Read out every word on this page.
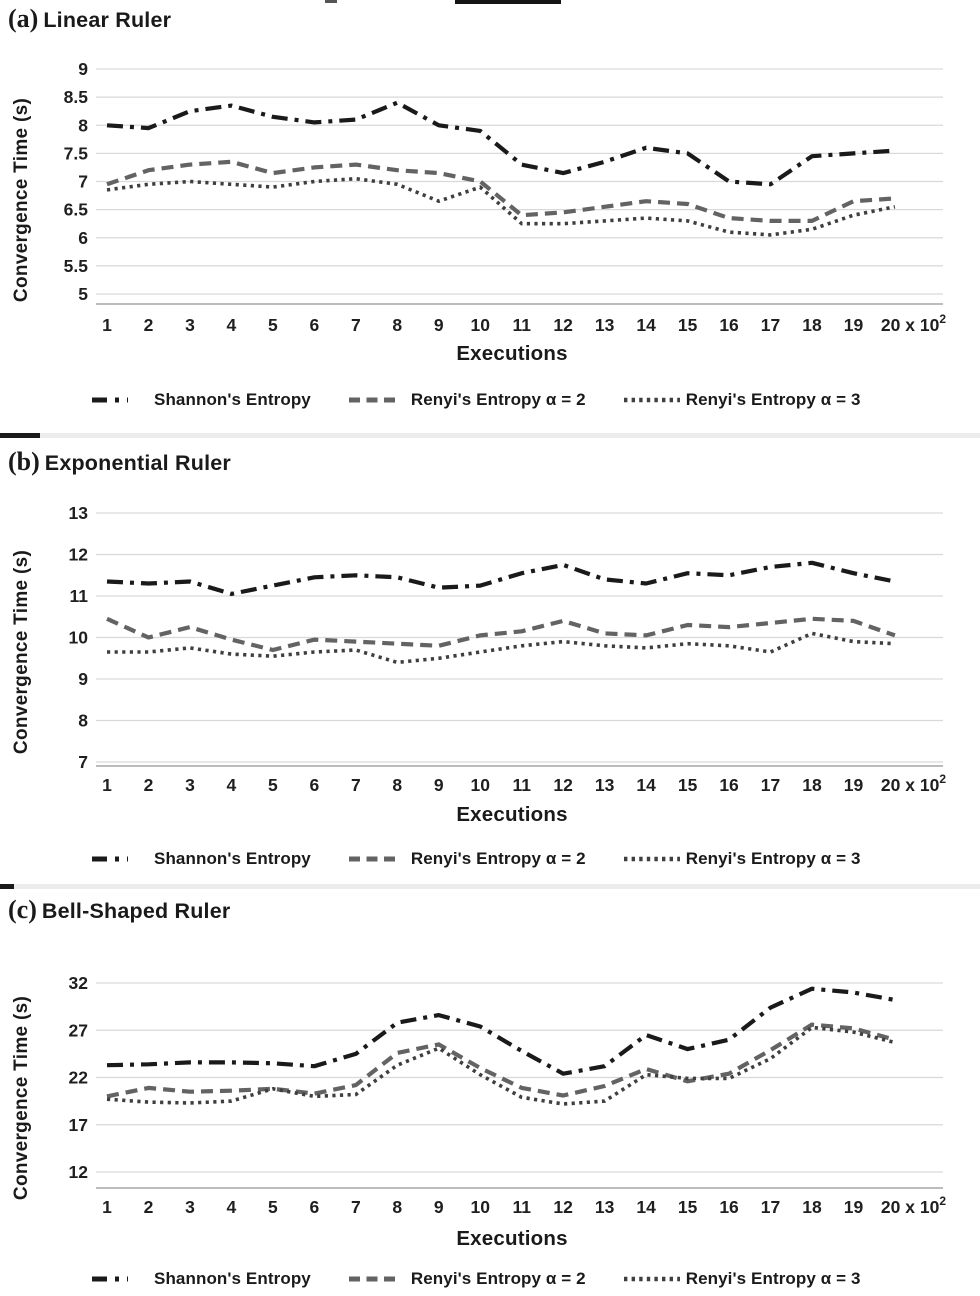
(a) Linear Ruler
Convergence Time (s)
9
8.5
8
7.5
7
6.5
6
5.5
5
1 2 3 4 5 6 7 8 9 10 11 12 13 14 15 16 17 18 19 20 x $10^2$
Executions
Shannon's Entropy	Renyi's Entropy α = 2	Renyi's Entropy α = 3
(b) Exponential Ruler
Convergence Time (s)
13
12
11
10
9
8
7
1 2 3 4 5 6 7 8 9 10 11 12 13 14 15 16 17 18 19 20 x $10^2$
Executions
Shannon's Entropy	Renyi's Entropy α = 2	Renyi's Entropy α = 3
(c) Bell-Shaped Ruler
Convergence Time (s)
32
27
22
17
12
1 2 3 4 5 6 7 8 9 10 11 12 13 14 15 16 17 18 19 20 x $10^2$
Executions
Shannon's Entropy	Renyi's Entropy α = 2	Renyi's Entropy α = 3
